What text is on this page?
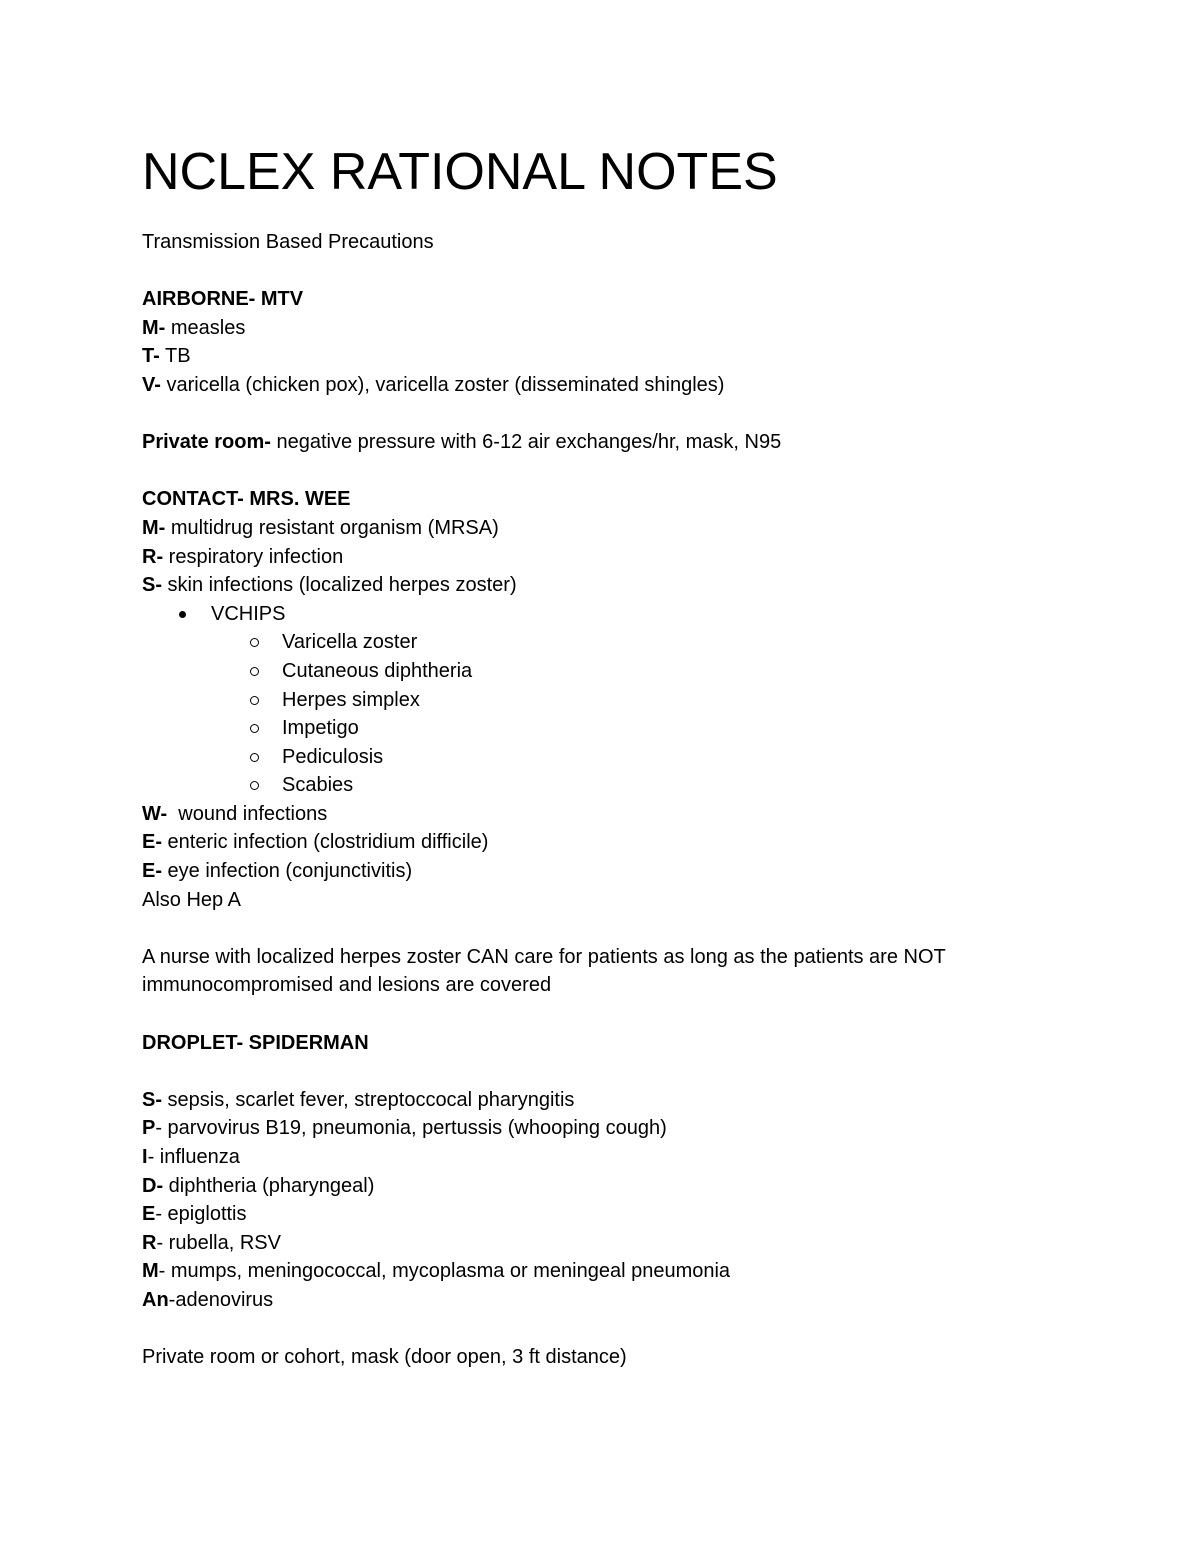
NCLEX RATIONAL NOTES

Transmission Based Precautions

AIRBORNE- MTV

M- measles

T- TB

V- varicella (chicken pox), varicella zoster (disseminated shingles)

Private room- negative pressure with 6-12 air exchanges/hr, mask, N95

CONTACT- MRS. WEE

M- multidrug resistant organism (MRSA)

R- respiratory infection

S- skin infections (localized herpes zoster)

VCHIPS

Varicella zoster

Cutaneous diphtheria

Herpes simplex

Impetigo

Pediculosis

Scabies

W-  wound infections

E- enteric infection (clostridium difficile)

E- eye infection (conjunctivitis)

Also Hep A

A nurse with localized herpes zoster CAN care for patients as long as the patients are NOT

immunocompromised and lesions are covered

DROPLET- SPIDERMAN

S- sepsis, scarlet fever, streptoccocal pharyngitis

P- parvovirus B19, pneumonia, pertussis (whooping cough)

I- influenza

D- diphtheria (pharyngeal)

E- epiglottis

R- rubella, RSV

M- mumps, meningococcal, mycoplasma or meningeal pneumonia

An-adenovirus

Private room or cohort, mask (door open, 3 ft distance)
